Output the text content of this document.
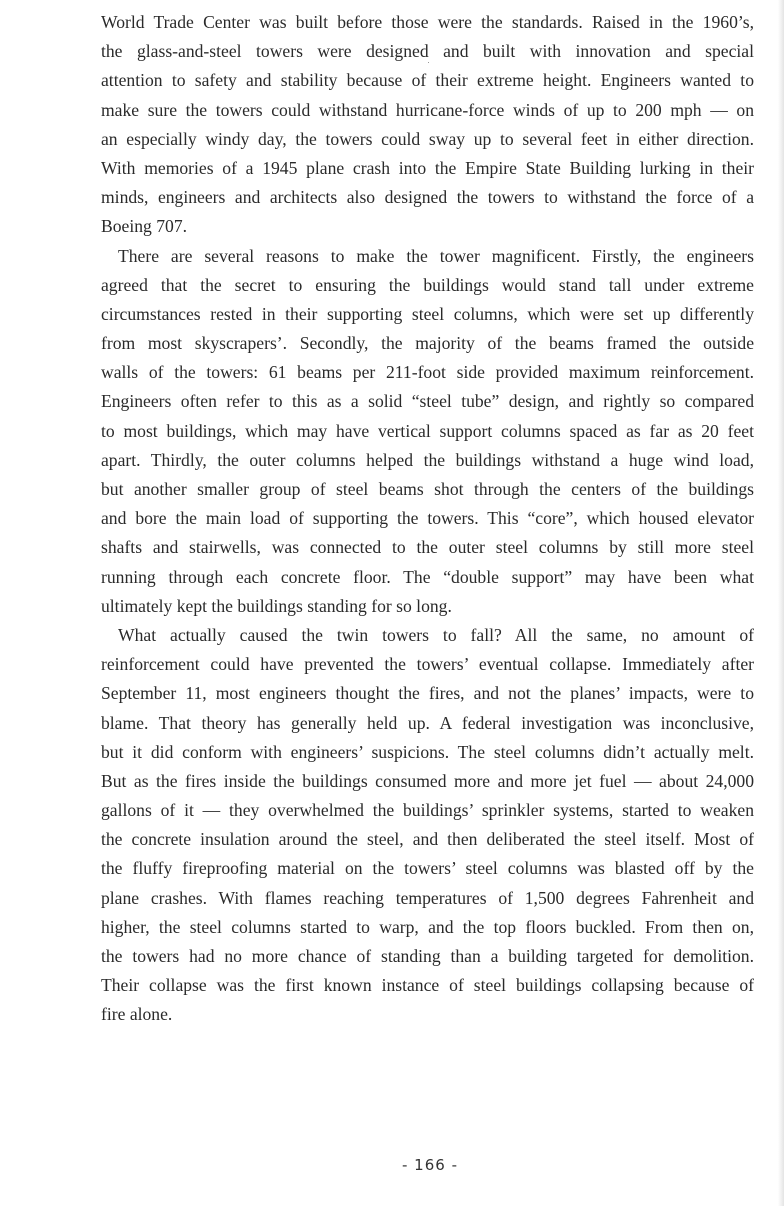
World Trade Center was built before those were the standards. Raised in the 1960’s,
the glass-and-steel towers were designed and built with innovation and special
attention to safety and stability because of their extreme height. Engineers wanted to
make sure the towers could withstand hurricane-force winds of up to 200 mph — on
an especially windy day, the towers could sway up to several feet in either direction.
With memories of a 1945 plane crash into the Empire State Building lurking in their
minds, engineers and architects also designed the towers to withstand the force of a
Boeing 707.
There are several reasons to make the tower magnificent. Firstly, the engineers
agreed that the secret to ensuring the buildings would stand tall under extreme
circumstances rested in their supporting steel columns, which were set up differently
from most skyscrapers’. Secondly, the majority of the beams framed the outside
walls of the towers: 61 beams per 211-foot side provided maximum reinforcement.
Engineers often refer to this as a solid “steel tube” design, and rightly so compared
to most buildings, which may have vertical support columns spaced as far as 20 feet
apart. Thirdly, the outer columns helped the buildings withstand a huge wind load,
but another smaller group of steel beams shot through the centers of the buildings
and bore the main load of supporting the towers. This “core”, which housed elevator
shafts and stairwells, was connected to the outer steel columns by still more steel
running through each concrete floor. The “double support” may have been what
ultimately kept the buildings standing for so long.
What actually caused the twin towers to fall? All the same, no amount of
reinforcement could have prevented the towers’ eventual collapse. Immediately after
September 11, most engineers thought the fires, and not the planes’ impacts, were to
blame. That theory has generally held up. A federal investigation was inconclusive,
but it did conform with engineers’ suspicions. The steel columns didn’t actually melt.
But as the fires inside the buildings consumed more and more jet fuel — about 24,000
gallons of it — they overwhelmed the buildings’ sprinkler systems, started to weaken
the concrete insulation around the steel, and then deliberated the steel itself. Most of
the fluffy fireproofing material on the towers’ steel columns was blasted off by the
plane crashes. With flames reaching temperatures of 1,500 degrees Fahrenheit and
higher, the steel columns started to warp, and the top floors buckled. From then on,
the towers had no more chance of standing than a building targeted for demolition.
Their collapse was the first known instance of steel buildings collapsing because of
fire alone.
- 166 -
